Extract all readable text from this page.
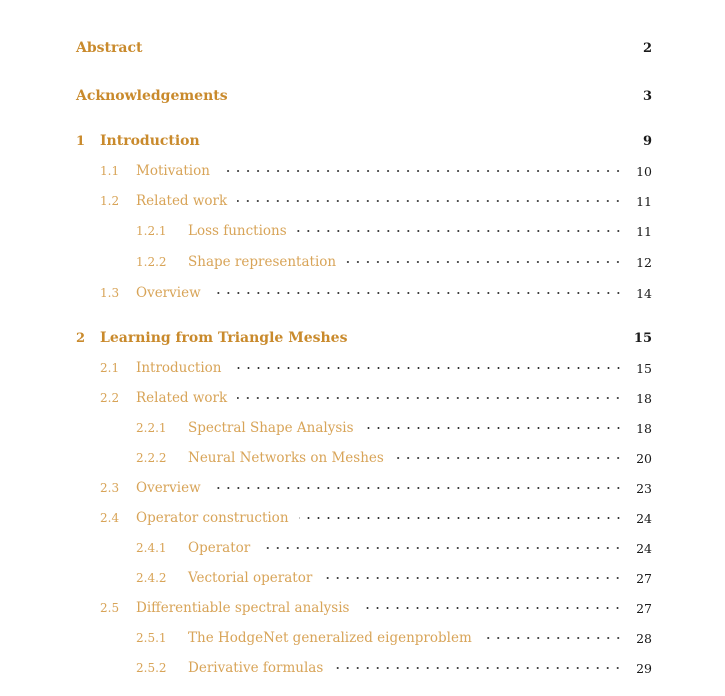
Abstract	2
Acknowledgements	3
1 Introduction	9
1.1 Motivation	10
1.2 Related work	11
1.2.1 Loss functions	11
1.2.2 Shape representation	12
1.3 Overview	14
2 Learning from Triangle Meshes	15
2.1 Introduction	15
2.2 Related work	18
2.2.1 Spectral Shape Analysis	18
2.2.2 Neural Networks on Meshes	20
2.3 Overview	23
2.4 Operator construction	24
2.4.1 Operator	24
2.4.2 Vectorial operator	27
2.5 Differentiable spectral analysis	27
2.5.1 The HodgeNet generalized eigenproblem	28
2.5.2 Derivative formulas	29
